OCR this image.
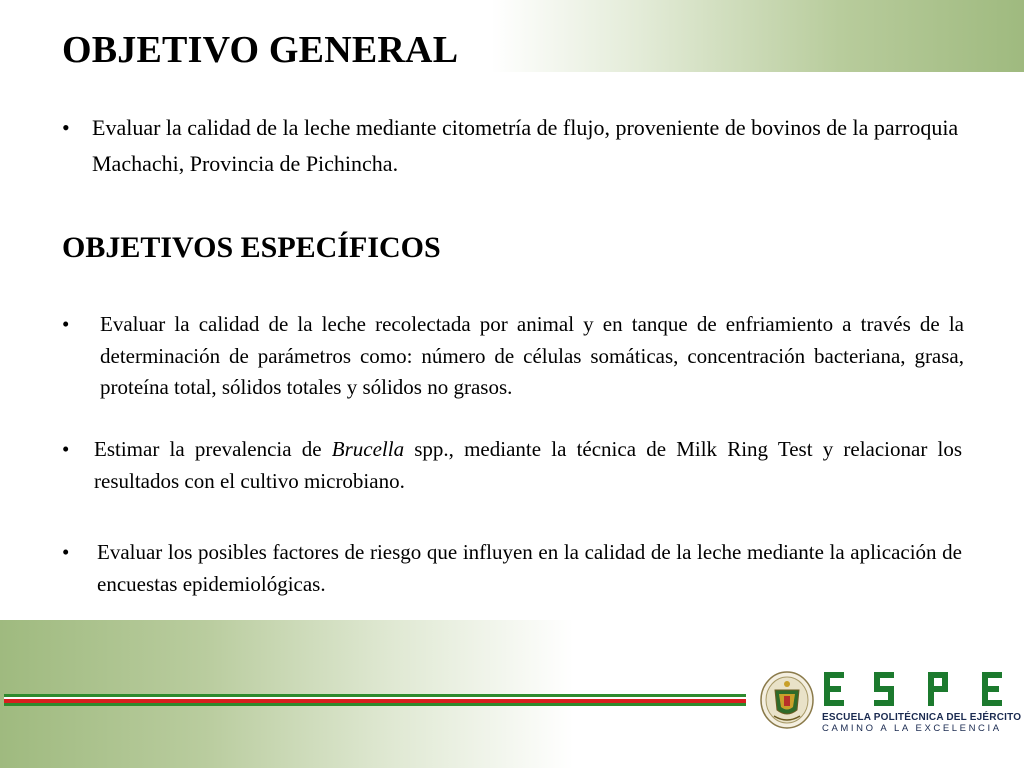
OBJETIVO GENERAL
•	Evaluar la calidad de la leche mediante citometría de flujo, proveniente de bovinos de la parroquia Machachi, Provincia de Pichincha.
OBJETIVOS ESPECÍFICOS
•	Evaluar la calidad de la leche recolectada por animal y en tanque de enfriamiento a través de la determinación de parámetros como: número de células somáticas, concentración bacteriana, grasa, proteína total, sólidos totales y sólidos no grasos.
•	Estimar la prevalencia de Brucella spp., mediante la técnica de Milk Ring Test y relacionar los resultados con el cultivo microbiano.
•	Evaluar los posibles factores de riesgo que influyen en la calidad de la leche mediante la aplicación de encuestas epidemiológicas.
ESCUELA POLITÉCNICA DEL EJÉRCITO
CAMINO A LA EXCELENCIA
